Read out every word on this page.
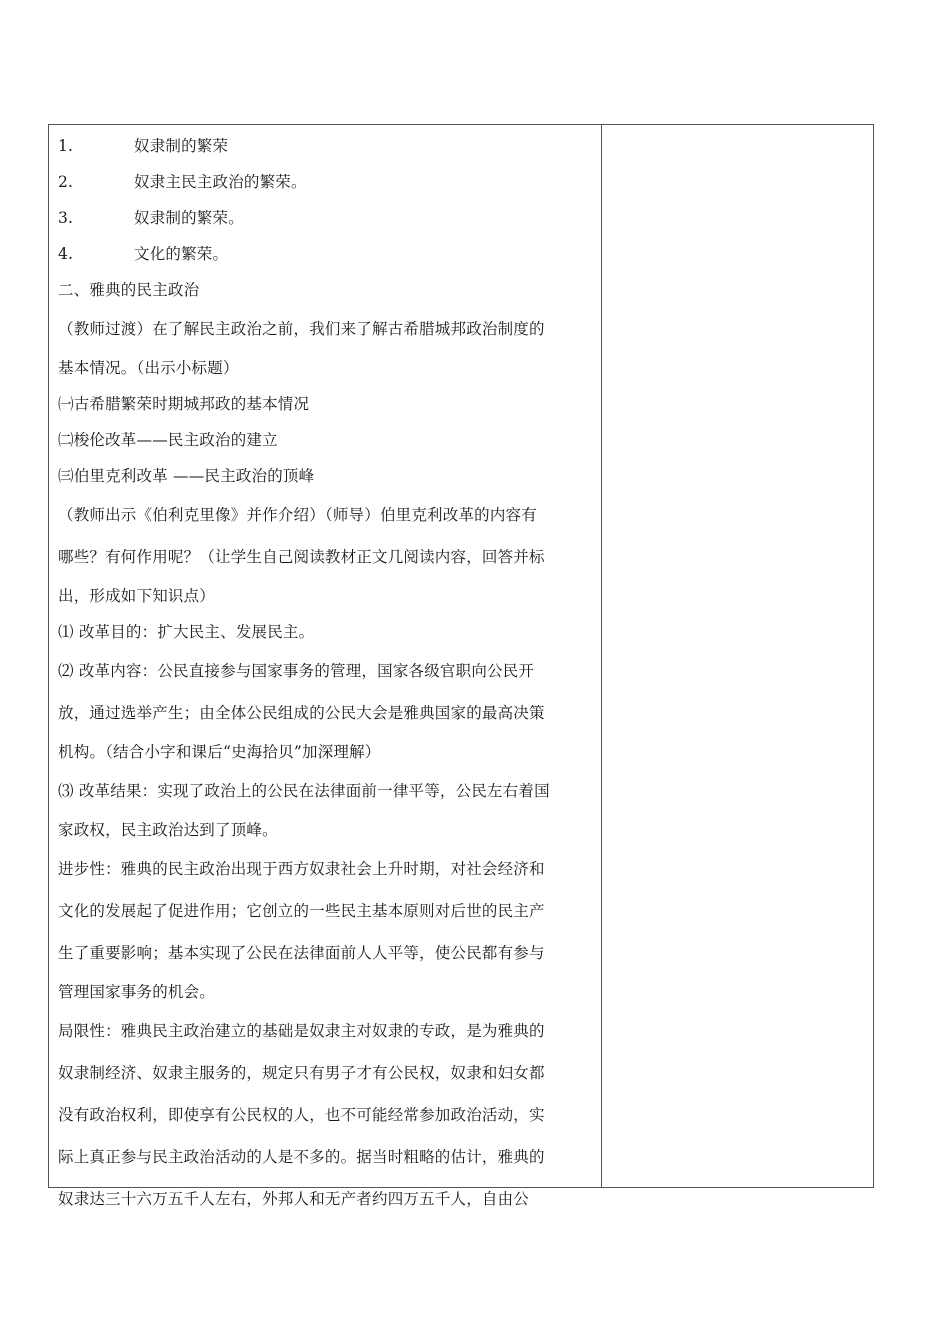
1.	奴隶制的繁荣
2.	奴隶主民主政治的繁荣。
3.	奴隶制的繁荣。
4.	文化的繁荣。
二、雅典的民主政治
（教师过渡）在了解民主政治之前，我们来了解古希腊城邦政治制度的
基本情况。（出示小标题）
㈠古希腊繁荣时期城邦政的基本情况
㈡梭伦改革——民主政治的建立
㈢伯里克利改革 ——民主政治的顶峰
（教师出示《伯利克里像》并作介绍）（师导）伯里克利改革的内容有
哪些？有何作用呢？（让学生自己阅读教材正文几阅读内容，回答并标
出，形成如下知识点）
⑴ 改革目的：扩大民主、发展民主。
⑵ 改革内容：公民直接参与国家事务的管理，国家各级官职向公民开
放，通过选举产生；由全体公民组成的公民大会是雅典国家的最高决策
机构。（结合小字和课后“史海拾贝”加深理解）
⑶ 改革结果：实现了政治上的公民在法律面前一律平等，公民左右着国
家政权，民主政治达到了顶峰。
进步性：雅典的民主政治出现于西方奴隶社会上升时期，对社会经济和
文化的发展起了促进作用；它创立的一些民主基本原则对后世的民主产
生了重要影响；基本实现了公民在法律面前人人平等，使公民都有参与
管理国家事务的机会。
局限性：雅典民主政治建立的基础是奴隶主对奴隶的专政，是为雅典的
奴隶制经济、奴隶主服务的，规定只有男子才有公民权，奴隶和妇女都
没有政治权利，即使享有公民权的人，也不可能经常参加政治活动，实
际上真正参与民主政治活动的人是不多的。据当时粗略的估计，雅典的
奴隶达三十六万五千人左右，外邦人和无产者约四万五千人，自由公
